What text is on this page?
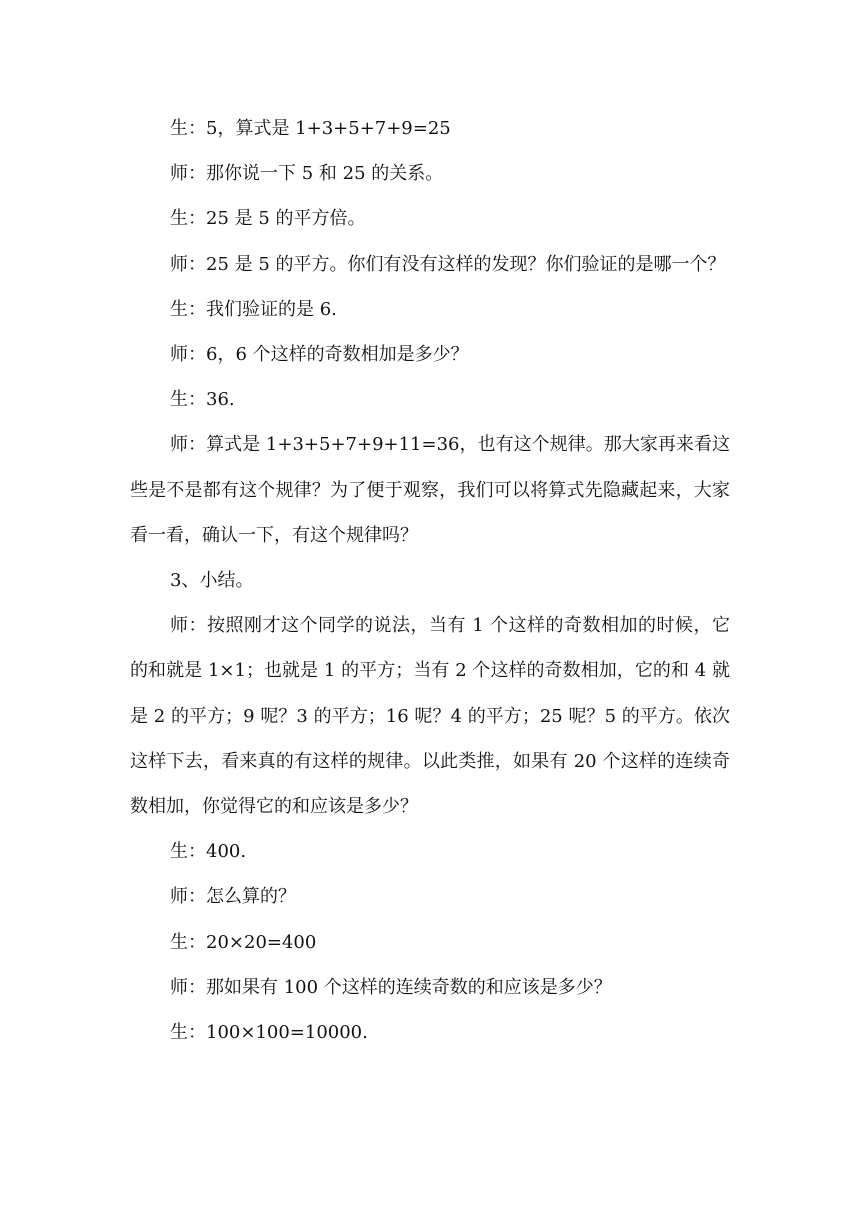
生：5，算式是 1+3+5+7+9=25

师：那你说一下 5 和 25 的关系。

生：25 是 5 的平方倍。

师：25 是 5 的平方。你们有没有这样的发现？你们验证的是哪一个？

生：我们验证的是 6.

师：6，6 个这样的奇数相加是多少？

生：36.

师：算式是 1+3+5+7+9+11=36，也有这个规律。那大家再来看这些是不是都有这个规律？为了便于观察，我们可以将算式先隐藏起来，大家看一看，确认一下，有这个规律吗？

3、小结。

师：按照刚才这个同学的说法，当有 1 个这样的奇数相加的时候，它的和就是 1×1；也就是 1 的平方；当有 2 个这样的奇数相加，它的和 4 就是 2 的平方；9 呢？3 的平方；16 呢？4 的平方；25 呢？5 的平方。依次这样下去，看来真的有这样的规律。以此类推，如果有 20 个这样的连续奇数相加，你觉得它的和应该是多少？

生：400.

师：怎么算的？

生：20×20=400

师：那如果有 100 个这样的连续奇数的和应该是多少？

生：100×100=10000.
